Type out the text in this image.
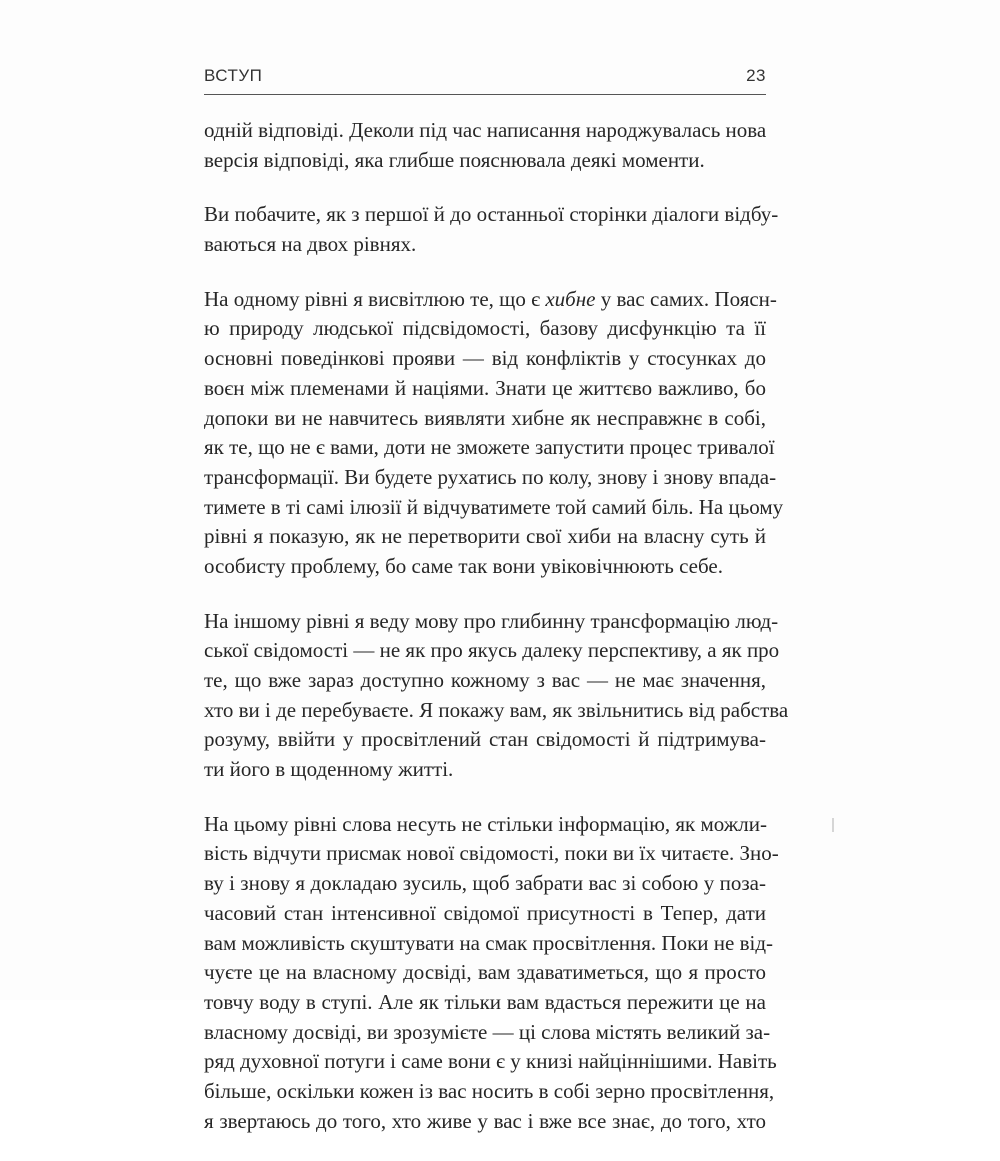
ВСТУП	23
одній відповіді. Деколи під час написання народжувалась нова
версія відповіді, яка глибше пояснювала деякі моменти.
Ви побачите, як з першої й до останньої сторінки діалоги відбу-
ваються на двох рівнях.
На одному рівні я висвітлюю те, що є хибне у вас самих. Поясн-
ю природу людської підсвідомості, базову дисфункцію та її
основні поведінкові прояви — від конфліктів у стосунках до
воєн між племенами й націями. Знати це життєво важливо, бо
допоки ви не навчитесь виявляти хибне як несправжнє в собі,
як те, що не є вами, доти не зможете запустити процес тривалої
трансформації. Ви будете рухатись по колу, знову і знову впада-
тимете в ті самі ілюзії й відчуватимете той самий біль. На цьому
рівні я показую, як не перетворити свої хиби на власну суть й
особисту проблему, бо саме так вони увіковічнюють себе.
На іншому рівні я веду мову про глибинну трансформацію люд-
ської свідомості — не як про якусь далеку перспективу, а як про
те, що вже зараз доступно кожному з вас — не має значення,
хто ви і де перебуваєте. Я покажу вам, як звільнитись від рабства
розуму, ввійти у просвітлений стан свідомості й підтримува-
ти його в щоденному житті.
На цьому рівні слова несуть не стільки інформацію, як можли-
вість відчути присмак нової свідомості, поки ви їх читаєте. Зно-
ву і знову я докладаю зусиль, щоб забрати вас зі собою у поза-
часовий стан інтенсивної свідомої присутності в Тепер, дати
вам можливість скуштувати на смак просвітлення. Поки не від-
чуєте це на власному досвіді, вам здаватиметься, що я просто
товчу воду в ступі. Але як тільки вам вдасться пережити це на
власному досвіді, ви зрозумієте — ці слова містять великий за-
ряд духовної потуги і саме вони є у книзі найціннішими. Навіть
більше, оскільки кожен із вас носить в собі зерно просвітлення,
я звертаюсь до того, хто живе у вас і вже все знає, до того, хто
